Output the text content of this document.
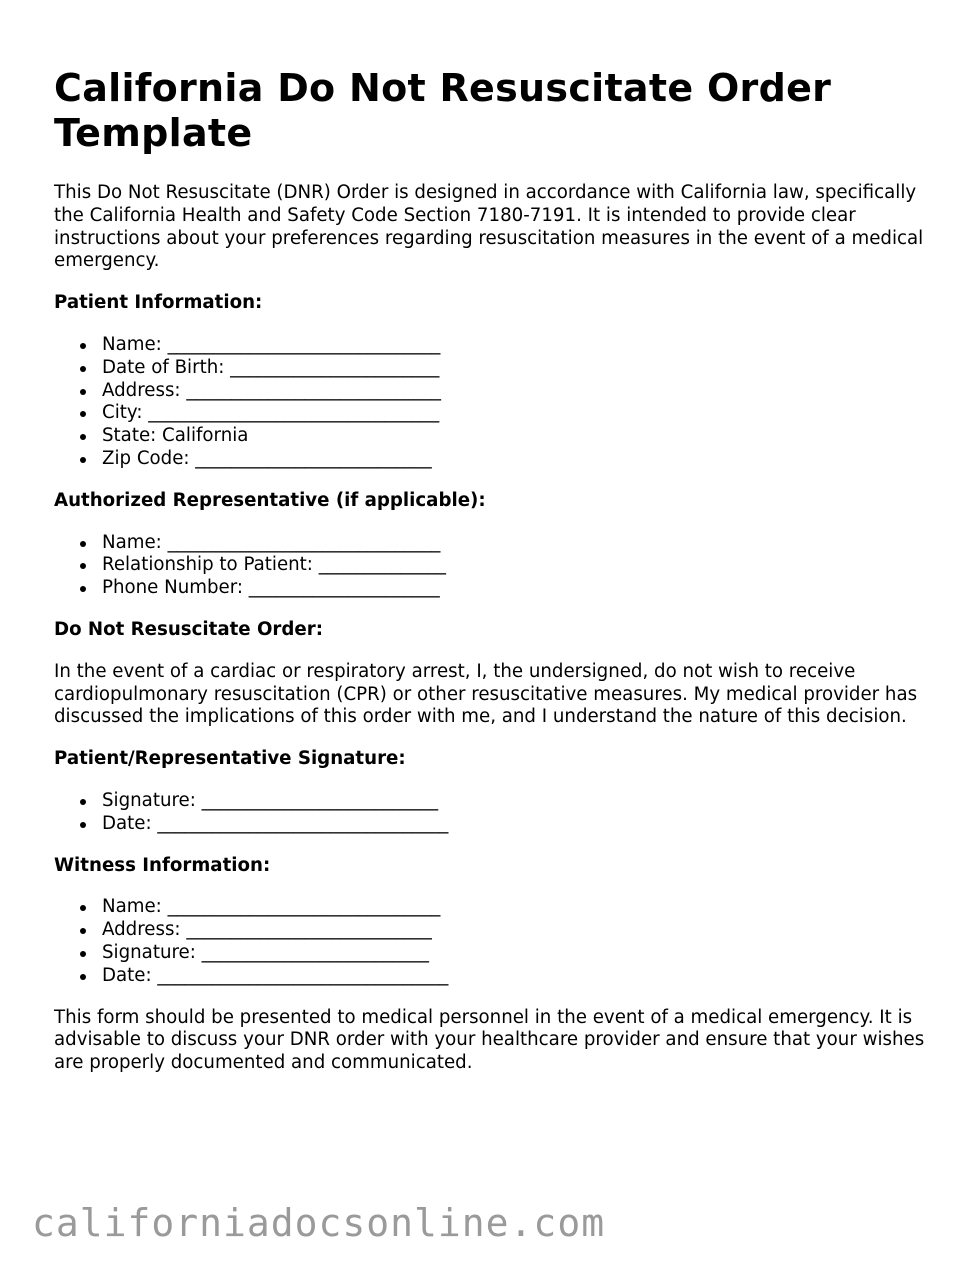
California Do Not Resuscitate Order Template

This Do Not Resuscitate (DNR) Order is designed in accordance with California law, specifically the California Health and Safety Code Section 7180-7191. It is intended to provide clear instructions about your preferences regarding resuscitation measures in the event of a medical emergency.

Patient Information:

Name: ______________________________
Date of Birth: _______________________
Address: ____________________________
City: ________________________________
State: California
Zip Code: __________________________

Authorized Representative (if applicable):

Name: ______________________________
Relationship to Patient: ______________
Phone Number: _____________________

Do Not Resuscitate Order:

In the event of a cardiac or respiratory arrest, I, the undersigned, do not wish to receive cardiopulmonary resuscitation (CPR) or other resuscitative measures. My medical provider has discussed the implications of this order with me, and I understand the nature of this decision.

Patient/Representative Signature:

Signature: __________________________
Date: ________________________________

Witness Information:

Name: ______________________________
Address: ___________________________
Signature: _________________________
Date: ________________________________

This form should be presented to medical personnel in the event of a medical emergency. It is advisable to discuss your DNR order with your healthcare provider and ensure that your wishes are properly documented and communicated.

californiadocsonline.com
